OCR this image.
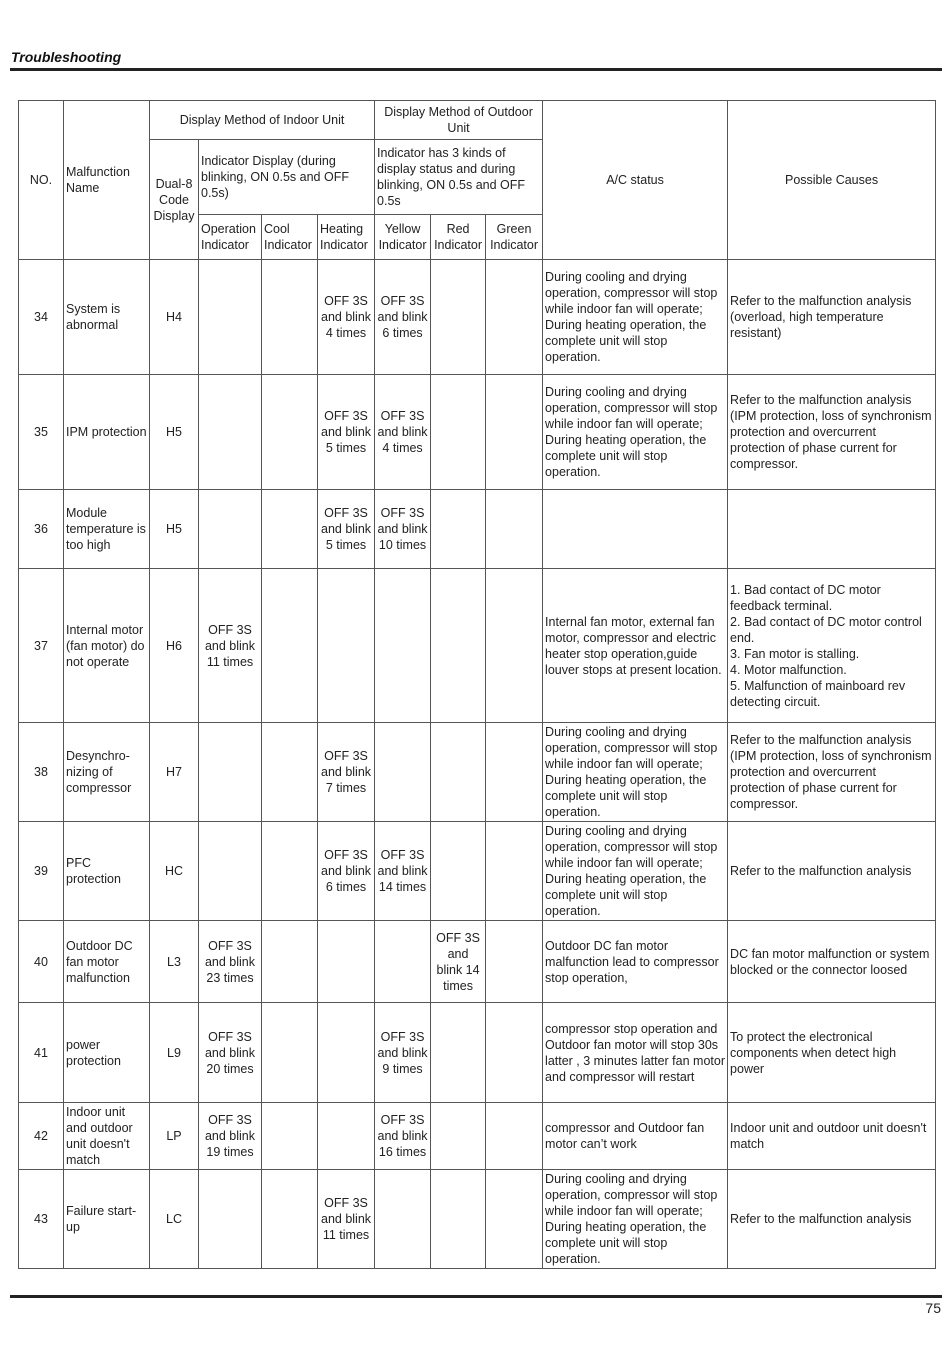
Troubleshooting
NO.	Malfunction Name	Display Method of Indoor Unit				Display Method of Outdoor Unit			A/C status	Possible Causes
		Dual-8 Code Display	Indicator Display (during blinking, ON 0.5s and OFF 0.5s)			Indicator has 3 kinds of display status and during blinking, ON 0.5s and OFF 0.5s				
			Operation Indicator	Cool Indicator	Heating Indicator	Yellow Indicator	Red Indicator	Green Indicator		
34	System is abnormal	H4			OFF 3S and blink 4 times	OFF 3S and blink 6 times			During cooling and drying operation, compressor will stop while indoor fan will operate; During heating operation, the complete unit will stop operation.	Refer to the malfunction analysis (overload, high temperature resistant)
35	IPM protection	H5			OFF 3S and blink 5 times	OFF 3S and blink 4 times			During cooling and drying operation, compressor will stop while indoor fan will operate; During heating operation, the complete unit will stop operation.	Refer to the malfunction analysis (IPM protection, loss of synchronism protection and overcurrent protection of phase current for compressor.
36	Module temperature is too high	H5			OFF 3S and blink 5 times	OFF 3S and blink 10 times				
37	Internal motor (fan motor) do not operate	H6	OFF 3S and blink 11 times						Internal fan motor, external fan motor, compressor and electric heater stop operation,guide louver stops at present location.	1. Bad contact of DC motor feedback terminal.
2. Bad contact of DC motor control end.
3. Fan motor is stalling.
4. Motor malfunction.
5. Malfunction of mainboard rev detecting circuit.
38	Desynchro-nizing of compressor	H7			OFF 3S and blink 7 times				During cooling and drying operation, compressor will stop while indoor fan will operate; During heating operation, the complete unit will stop operation.	Refer to the malfunction analysis (IPM protection, loss of synchronism protection and overcurrent protection of phase current for compressor.
39	PFC protection	HC			OFF 3S and blink 6 times	OFF 3S and blink 14 times			During cooling and drying operation, compressor will stop while indoor fan will operate; During heating operation, the complete unit will stop operation.	Refer to the malfunction analysis
40	Outdoor DC fan motor malfunction	L3	OFF 3S and blink 23 times				OFF 3S and blink 14 times		Outdoor DC fan motor malfunction lead to compressor stop operation,	DC fan motor malfunction or system blocked or the connector loosed
41	power protection	L9	OFF 3S and blink 20 times			OFF 3S and blink 9 times			compressor stop operation and Outdoor fan motor will stop 30s latter , 3 minutes latter fan motor and compressor will restart	To protect the electronical components when detect high power
42	Indoor unit and outdoor unit doesn't match	LP	OFF 3S and blink 19 times			OFF 3S and blink 16 times			compressor and Outdoor fan motor can’t work	Indoor unit and outdoor unit doesn't match
43	Failure start-up	LC			OFF 3S and blink 11 times				During cooling and drying operation, compressor will stop while indoor fan will operate; During heating operation, the complete unit will stop operation.	Refer to the malfunction analysis
75
